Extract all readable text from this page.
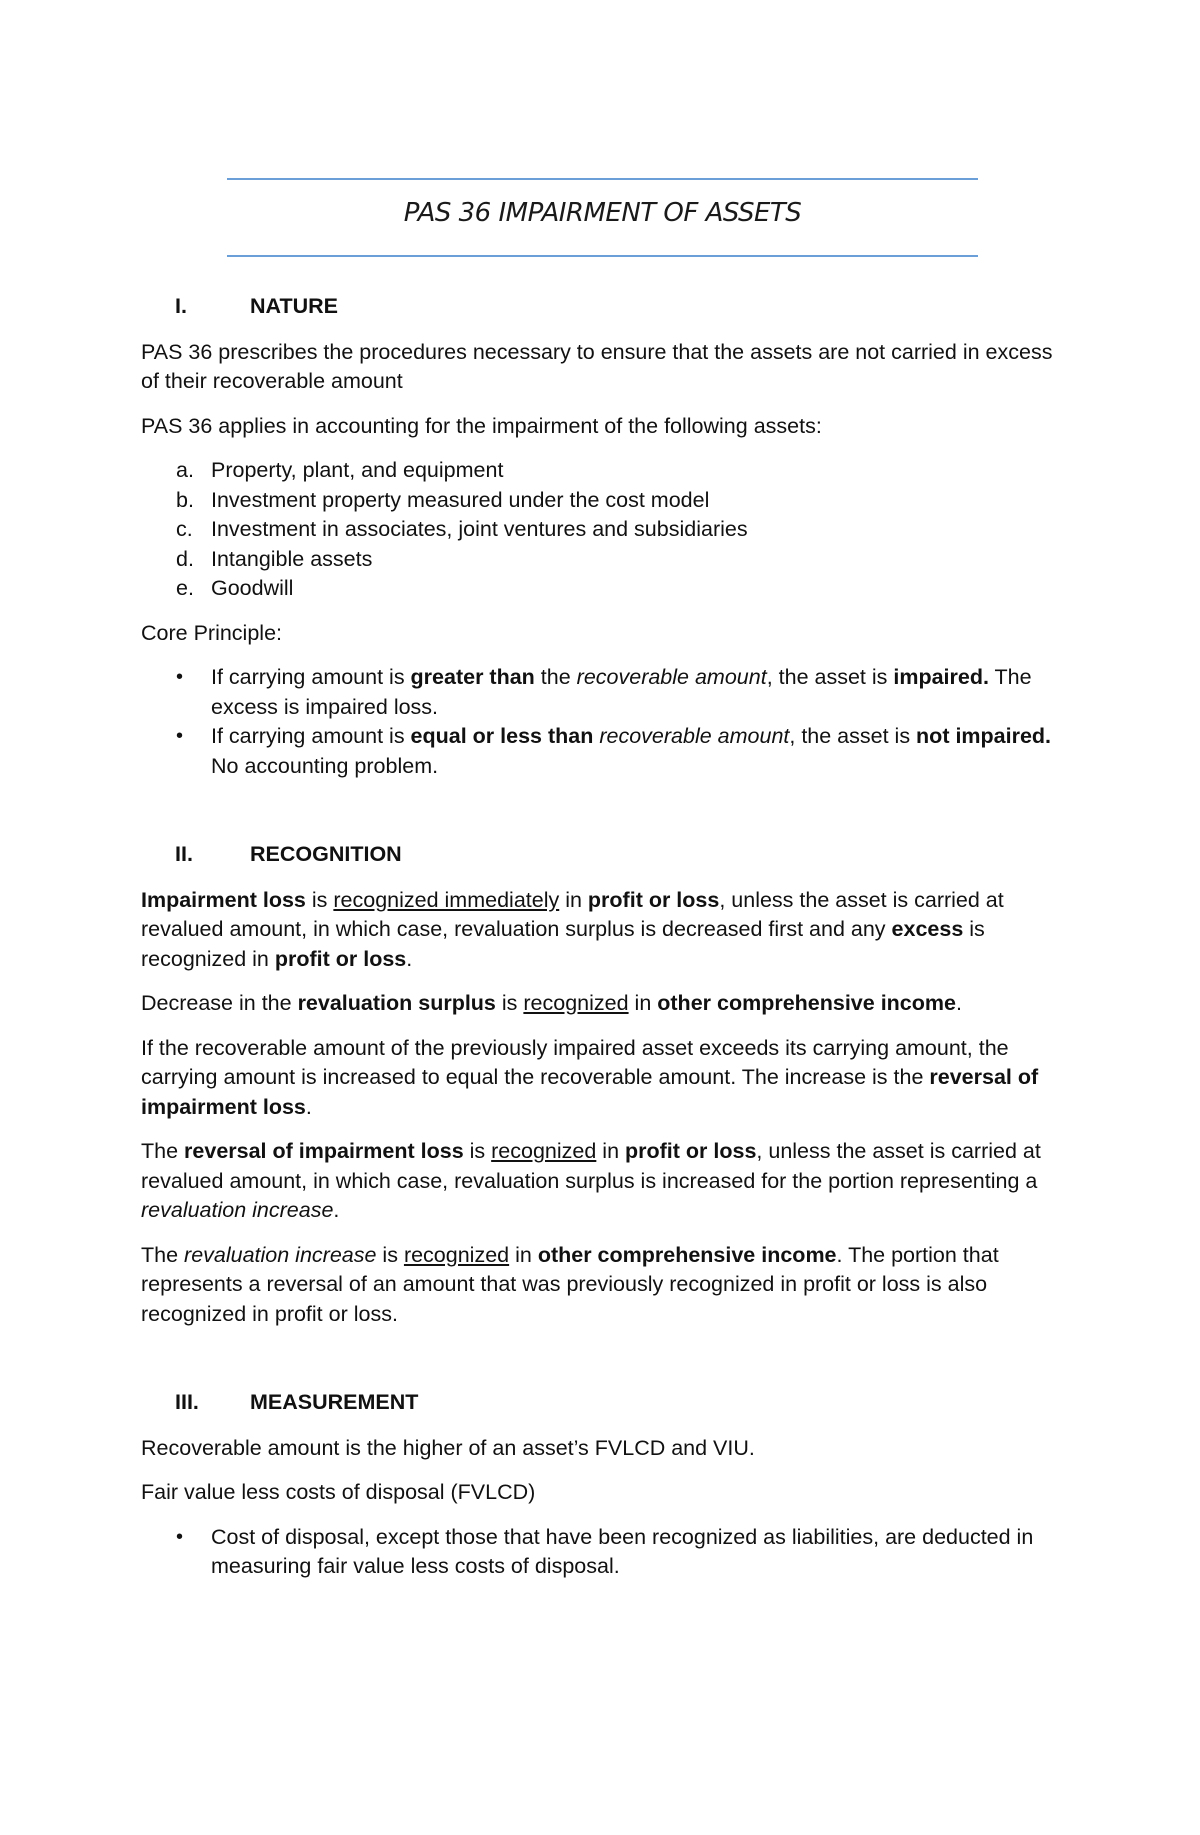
PAS 36 IMPAIRMENT OF ASSETS
I.	NATURE

PAS 36 prescribes the procedures necessary to ensure that the assets are not carried in excess of their recoverable amount

PAS 36 applies in accounting for the impairment of the following assets:

a. Property, plant, and equipment
b. Investment property measured under the cost model
c. Investment in associates, joint ventures and subsidiaries
d. Intangible assets
e. Goodwill

Core Principle:

•	If carrying amount is greater than the recoverable amount, the asset is impaired. The excess is impaired loss.
•	If carrying amount is equal or less than recoverable amount, the asset is not impaired. No accounting problem.
II.	RECOGNITION

Impairment loss is recognized immediately in profit or loss, unless the asset is carried at revalued amount, in which case, revaluation surplus is decreased first and any excess is recognized in profit or loss.

Decrease in the revaluation surplus is recognized in other comprehensive income.

If the recoverable amount of the previously impaired asset exceeds its carrying amount, the carrying amount is increased to equal the recoverable amount. The increase is the reversal of impairment loss.

The reversal of impairment loss is recognized in profit or loss, unless the asset is carried at revalued amount, in which case, revaluation surplus is increased for the portion representing a revaluation increase.

The revaluation increase is recognized in other comprehensive income. The portion that represents a reversal of an amount that was previously recognized in profit or loss is also recognized in profit or loss.

III.	MEASUREMENT

Recoverable amount is the higher of an asset’s FVLCD and VIU.

Fair value less costs of disposal (FVLCD)

•	Cost of disposal, except those that have been recognized as liabilities, are deducted in measuring fair value less costs of disposal.
